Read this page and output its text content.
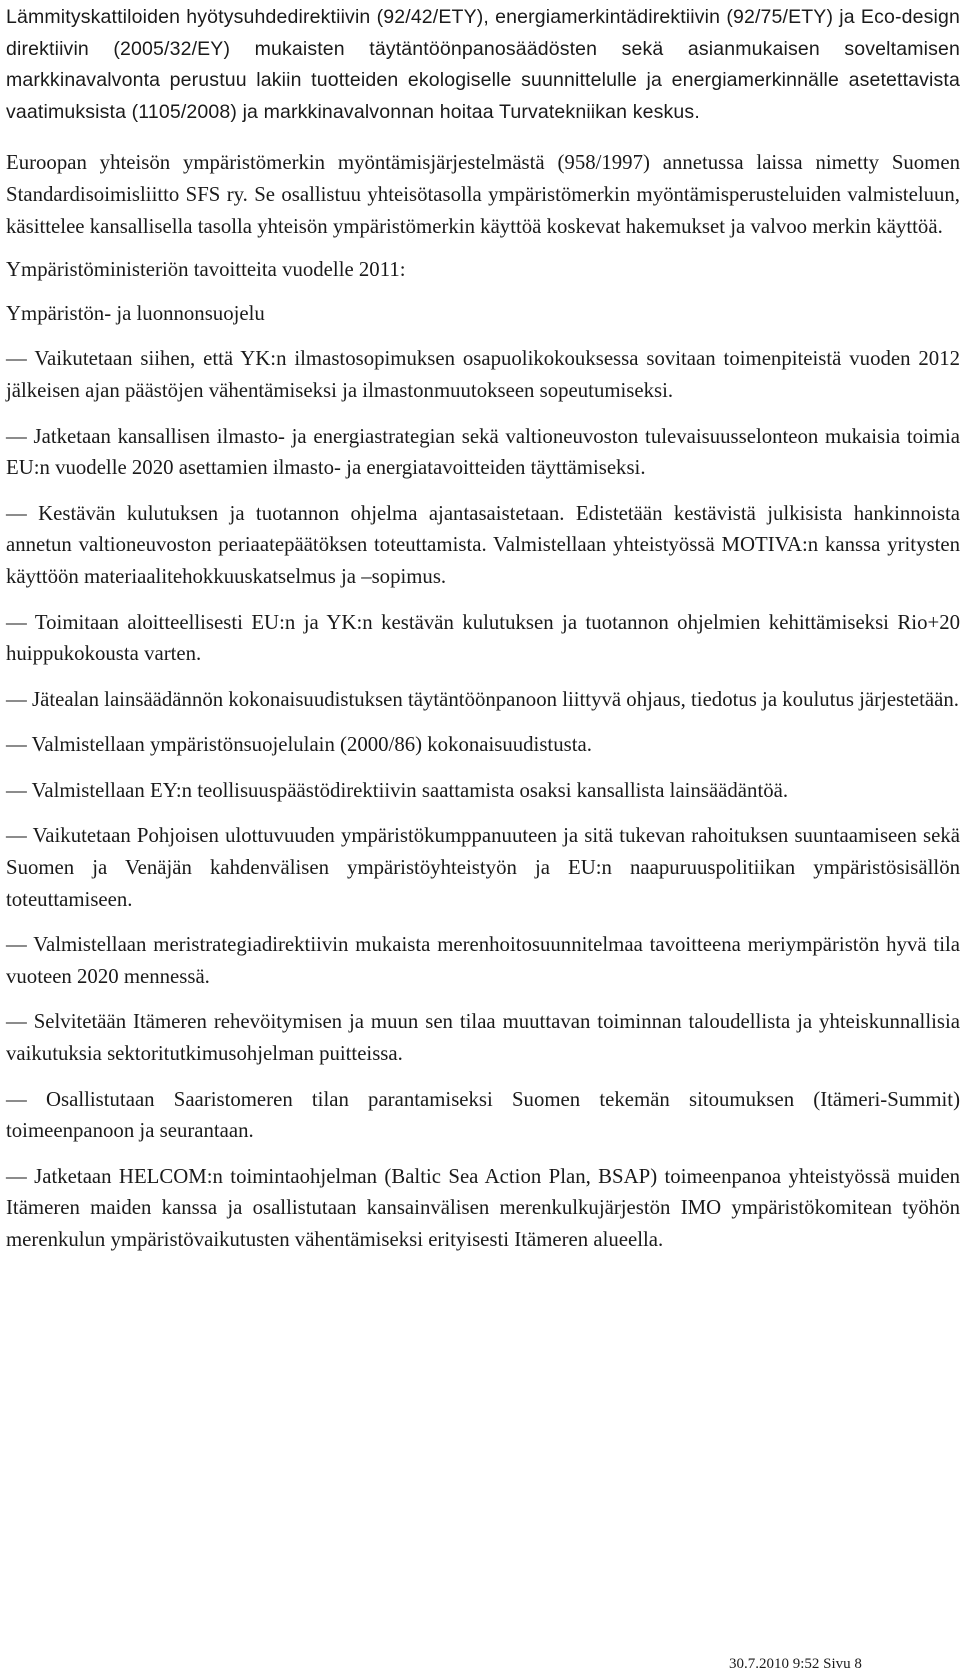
Lämmityskattiloiden hyötysuhdedirektiivin (92/42/ETY), energiamerkintädirektiivin (92/75/ETY) ja Eco-design direktiivin (2005/32/EY) mukaisten täytäntöönpanosäädösten sekä asianmukaisen soveltamisen markkinavalvonta perustuu lakiin tuotteiden ekologiselle suunnittelulle ja energiamerkinnälle asetettavista vaatimuksista (1105/2008) ja markkinavalvonnan hoitaa Turvatekniikan keskus.

Euroopan yhteisön ympäristömerkin myöntämisjärjestelmästä (958/1997) annetussa laissa nimetty Suomen Standardisoimisliitto SFS ry. Se osallistuu yhteisötasolla ympäristömerkin myöntämisperusteluiden valmisteluun, käsittelee kansallisella tasolla yhteisön ympäristömerkin käyttöä koskevat hakemukset ja valvoo merkin käyttöä.

Ympäristöministeriön tavoitteita vuodelle 2011:

Ympäristön- ja luonnonsuojelu

— Vaikutetaan siihen, että YK:n ilmastosopimuksen osapuolikokouksessa sovitaan toimenpiteistä vuoden 2012 jälkeisen ajan päästöjen vähentämiseksi ja ilmastonmuutokseen sopeutumiseksi.

— Jatketaan kansallisen ilmasto- ja energiastrategian sekä valtioneuvoston tulevaisuusselonteon mukaisia toimia EU:n vuodelle 2020 asettamien ilmasto- ja energiatavoitteiden täyttämiseksi.

— Kestävän kulutuksen ja tuotannon ohjelma ajantasaistetaan. Edistetään kestävistä julkisista hankinnoista annetun valtioneuvoston periaatepäätöksen toteuttamista. Valmistellaan yhteistyössä MOTIVA:n kanssa yritysten käyttöön materiaalitehokkuuskatselmus ja –sopimus.

— Toimitaan aloitteellisesti EU:n ja YK:n kestävän kulutuksen ja tuotannon ohjelmien kehittämiseksi Rio+20 huippukokousta varten.

— Jätealan lainsäädännön kokonaisuudistuksen täytäntöönpanoon liittyvä ohjaus, tiedotus ja koulutus järjestetään.

— Valmistellaan ympäristönsuojelulain (2000/86) kokonaisuudistusta.

— Valmistellaan EY:n teollisuuspäästödirektiivin saattamista osaksi kansallista lainsäädäntöä.

— Vaikutetaan Pohjoisen ulottuvuuden ympäristökumppanuuteen ja sitä tukevan rahoituksen suuntaamiseen sekä Suomen ja Venäjän kahdenvälisen ympäristöyhteistyön ja EU:n naapuruuspolitiikan ympäristösisällön toteuttamiseen.

— Valmistellaan meristrategiadirektiivin mukaista merenhoitosuunnitelmaa tavoitteena meriympäristön hyvä tila vuoteen 2020 mennessä.

— Selvitetään Itämeren rehevöitymisen ja muun sen tilaa muuttavan toiminnan taloudellista ja yhteiskunnallisia vaikutuksia sektoritutkimusohjelman puitteissa.

— Osallistutaan Saaristomeren tilan parantamiseksi Suomen tekemän sitoumuksen (Itämeri-Summit) toimeenpanoon ja seurantaan.

— Jatketaan HELCOM:n toimintaohjelman (Baltic Sea Action Plan, BSAP) toimeenpanoa yhteistyössä muiden Itämeren maiden kanssa ja osallistutaan kansainvälisen merenkulkujärjestön IMO ympäristökomitean työhön merenkulun ympäristövaikutusten vähentämiseksi erityisesti Itämeren alueella.

30.7.2010 9:52 Sivu 8
